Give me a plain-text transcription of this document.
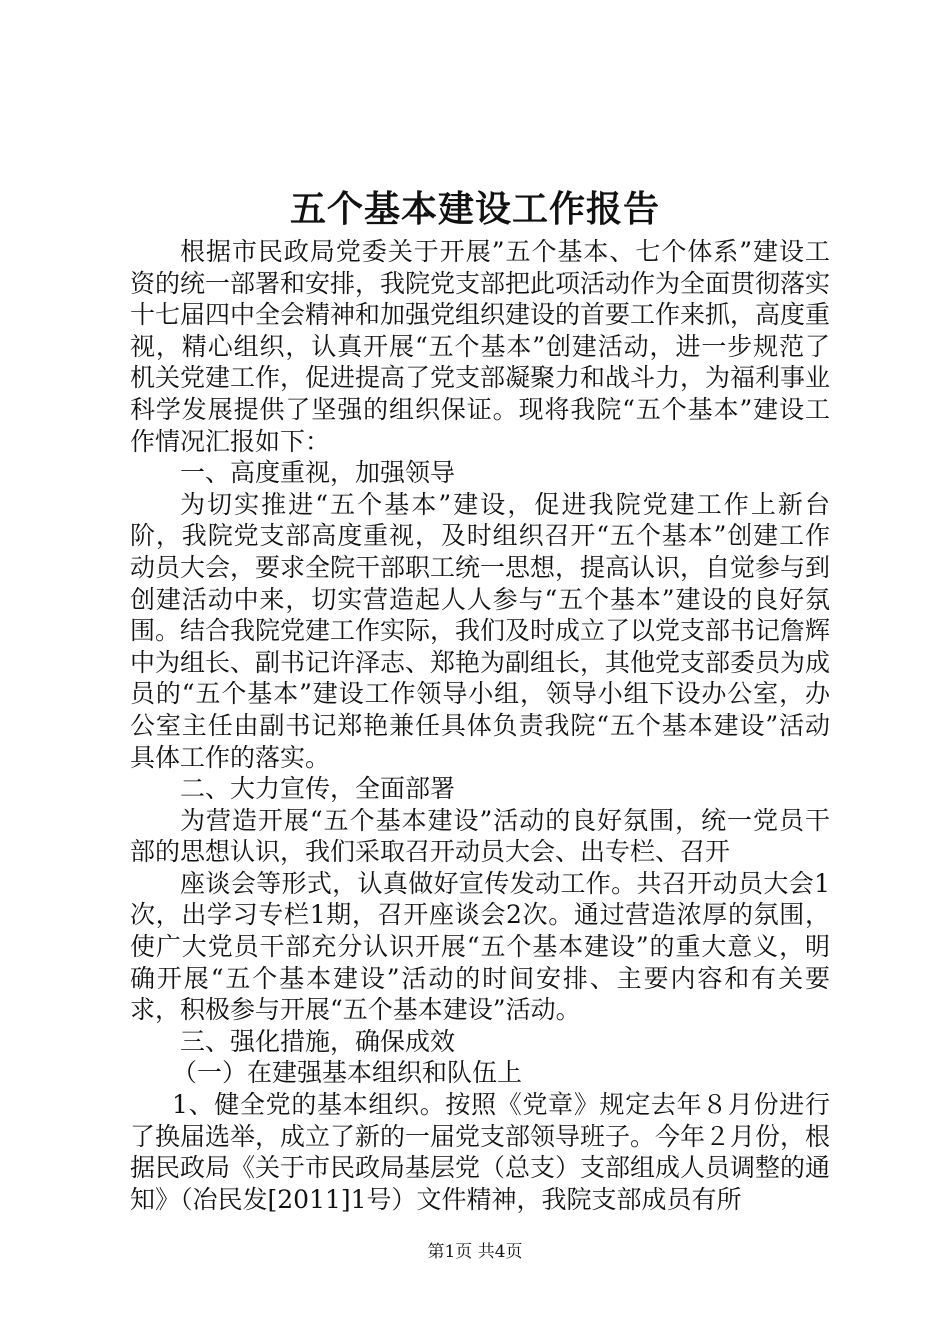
五个基本建设工作报告

根据市民政局党委关于开展”五个基本、七个体系”建设工资的统一部署和安排，我院党支部把此项活动作为全面贯彻落实十七届四中全会精神和加强党组织建设的首要工作来抓，高度重视，精心组织，认真开展“五个基本”创建活动，进一步规范了机关党建工作，促进提高了党支部凝聚力和战斗力，为福利事业科学发展提供了坚强的组织保证。现将我院“五个基本”建设工作情况汇报如下：

一、高度重视，加强领导

为切实推进“五个基本”建设，促进我院党建工作上新台阶，我院党支部高度重视，及时组织召开“五个基本”创建工作动员大会，要求全院干部职工统一思想，提高认识，自觉参与到创建活动中来，切实营造起人人参与“五个基本”建设的良好氛围。结合我院党建工作实际，我们及时成立了以党支部书记詹辉中为组长、副书记许泽志、郑艳为副组长，其他党支部委员为成员的“五个基本”建设工作领导小组，领导小组下设办公室，办公室主任由副书记郑艳兼任具体负责我院“五个基本建设”活动具体工作的落实。

二、大力宣传，全面部署

为营造开展“五个基本建设”活动的良好氛围，统一党员干部的思想认识，我们采取召开动员大会、出专栏、召开

座谈会等形式，认真做好宣传发动工作。共召开动员大会1次，出学习专栏1期，召开座谈会2次。通过营造浓厚的氛围，使广大党员干部充分认识开展“五个基本建设”的重大意义，明确开展“五个基本建设”活动的时间安排、主要内容和有关要求，积极参与开展“五个基本建设”活动。

三、强化措施，确保成效

（一）在建强基本组织和队伍上

1、健全党的基本组织。按照《党章》规定去年８月份进行了换届选举，成立了新的一届党支部领导班子。今年２月份，根据民政局《关于市民政局基层党（总支）支部组成人员调整的通知》（冶民发[2011]1号）文件精神，我院支部成员有所

第1页 共4页
